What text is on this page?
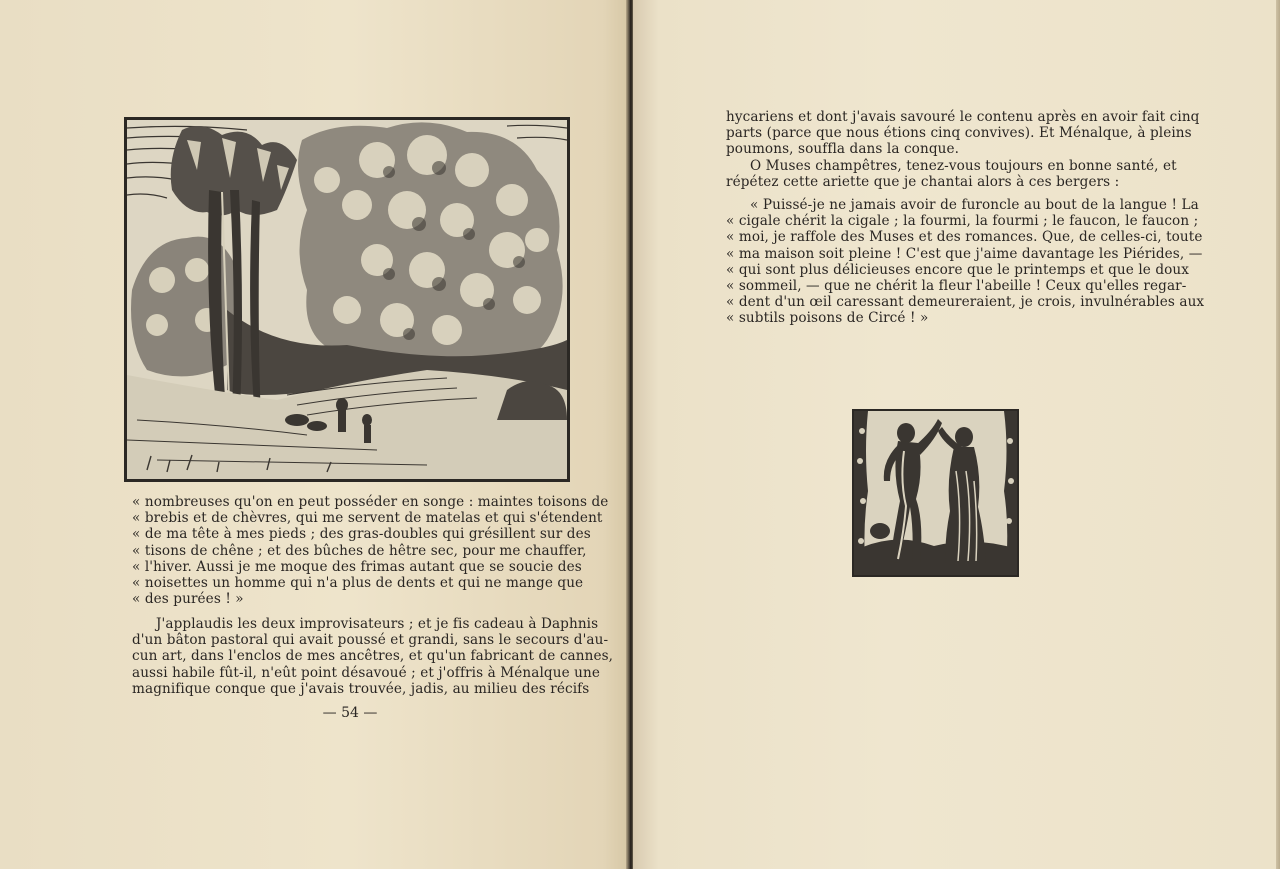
« nombreuses qu'on en peut posséder en songe : maintes toisons de
« brebis et de chèvres, qui me servent de matelas et qui s'étendent
« de ma tête à mes pieds ; des gras-doubles qui grésillent sur des
« tisons de chêne ; et des bûches de hêtre sec, pour me chauffer,
« l'hiver. Aussi je me moque des frimas autant que se soucie des
« noisettes un homme qui n'a plus de dents et qui ne mange que
« des purées ! »
J'applaudis les deux improvisateurs ; et je fis cadeau à Daphnis
d'un bâton pastoral qui avait poussé et grandi, sans le secours d'au-
cun art, dans l'enclos de mes ancêtres, et qu'un fabricant de cannes,
aussi habile fût-il, n'eût point désavoué ; et j'offris à Ménalque une
magnifique conque que j'avais trouvée, jadis, au milieu des récifs
— 54 —
hycariens et dont j'avais savouré le contenu après en avoir fait cinq
parts (parce que nous étions cinq convives). Et Ménalque, à pleins
poumons, souffla dans la conque.
O Muses champêtres, tenez-vous toujours en bonne santé, et
répétez cette ariette que je chantai alors à ces bergers :
« Puissé-je ne jamais avoir de furoncle au bout de la langue ! La
« cigale chérit la cigale ; la fourmi, la fourmi ; le faucon, le faucon ;
« moi, je raffole des Muses et des romances. Que, de celles-ci, toute
« ma maison soit pleine ! C'est que j'aime davantage les Piérides, —
« qui sont plus délicieuses encore que le printemps et que le doux
« sommeil, — que ne chérit la fleur l'abeille ! Ceux qu'elles regar-
« dent d'un œil caressant demeureraient, je crois, invulnérables aux
« subtils poisons de Circé ! »
